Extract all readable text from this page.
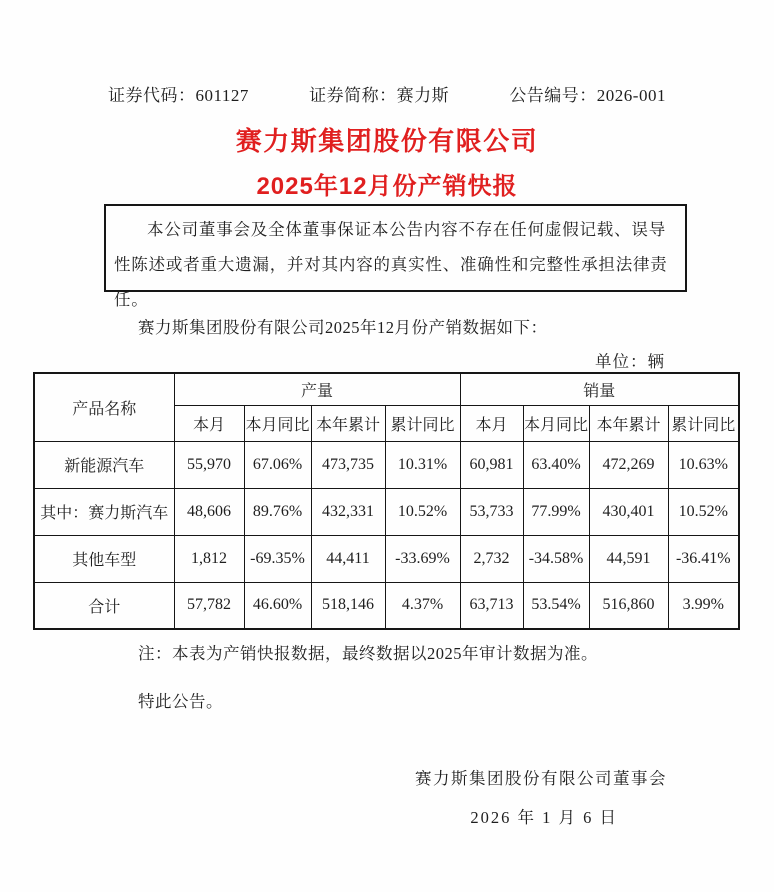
证券代码：601127	证券简称：赛力斯	公告编号：2026-001
赛力斯集团股份有限公司
2025年12月份产销快报

本公司董事会及全体董事保证本公告内容不存在任何虚假记载、误导性陈述或者重大遗漏，并对其内容的真实性、准确性和完整性承担法律责任。

赛力斯集团股份有限公司2025年12月份产销数据如下：

单位：辆
产品名称	产量				销量			
	本月	本月同比	本年累计	累计同比	本月	本月同比	本年累计	累计同比
新能源汽车	55,970	67.06%	473,735	10.31%	60,981	63.40%	472,269	10.63%
其中：赛力斯汽车	48,606	89.76%	432,331	10.52%	53,733	77.99%	430,401	10.52%
其他车型	1,812	-69.35%	44,411	-33.69%	2,732	-34.58%	44,591	-36.41%
合计	57,782	46.60%	518,146	4.37%	63,713	53.54%	516,860	3.99%

注：本表为产销快报数据，最终数据以2025年审计数据为准。

特此公告。

赛力斯集团股份有限公司董事会
2026 年 1 月 6 日
